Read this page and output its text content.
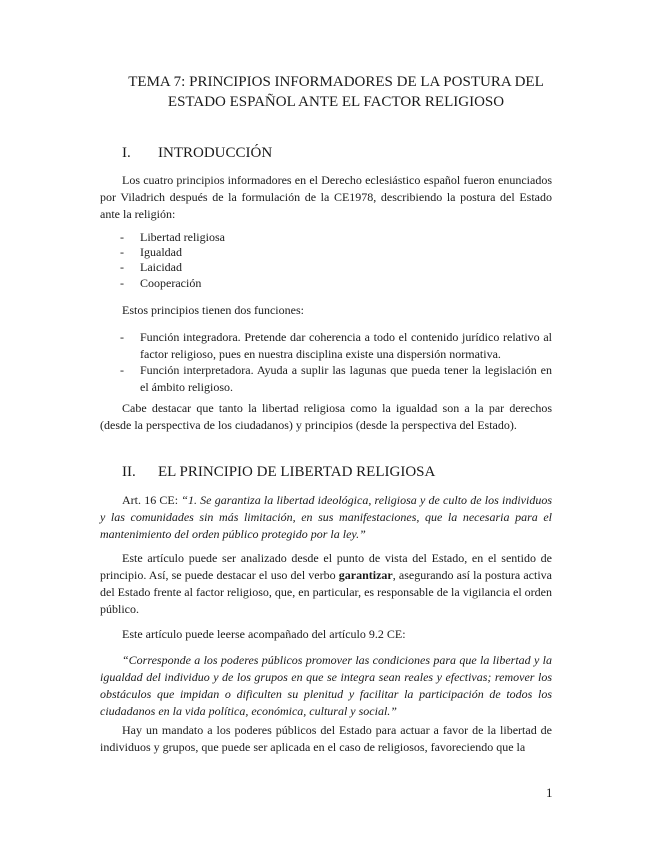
TEMA 7: PRINCIPIOS INFORMADORES DE LA POSTURA DEL
ESTADO ESPAÑOL ANTE EL FACTOR RELIGIOSO
I. INTRODUCCIÓN

Los cuatro principios informadores en el Derecho eclesiástico español fueron enunciados por Viladrich después de la formulación de la CE1978, describiendo la postura del Estado ante la religión:

- Libertad religiosa
- Igualdad
- Laicidad
- Cooperación

Estos principios tienen dos funciones:

- Función integradora. Pretende dar coherencia a todo el contenido jurídico relativo al factor religioso, pues en nuestra disciplina existe una dispersión normativa.
- Función interpretadora. Ayuda a suplir las lagunas que pueda tener la legislación en el ámbito religioso.

Cabe destacar que tanto la libertad religiosa como la igualdad son a la par derechos (desde la perspectiva de los ciudadanos) y principios (desde la perspectiva del Estado).

II. EL PRINCIPIO DE LIBERTAD RELIGIOSA

Art. 16 CE: “1. Se garantiza la libertad ideológica, religiosa y de culto de los individuos y las comunidades sin más limitación, en sus manifestaciones, que la necesaria para el mantenimiento del orden público protegido por la ley.”

Este artículo puede ser analizado desde el punto de vista del Estado, en el sentido de principio. Así, se puede destacar el uso del verbo garantizar, asegurando así la postura activa del Estado frente al factor religioso, que, en particular, es responsable de la vigilancia el orden público.

Este artículo puede leerse acompañado del artículo 9.2 CE:

“Corresponde a los poderes públicos promover las condiciones para que la libertad y la igualdad del individuo y de los grupos en que se integra sean reales y efectivas; remover los obstáculos que impidan o dificulten su plenitud y facilitar la participación de todos los ciudadanos en la vida política, económica, cultural y social.”

Hay un mandato a los poderes públicos del Estado para actuar a favor de la libertad de individuos y grupos, que puede ser aplicada en el caso de religiosos, favoreciendo que la

1
